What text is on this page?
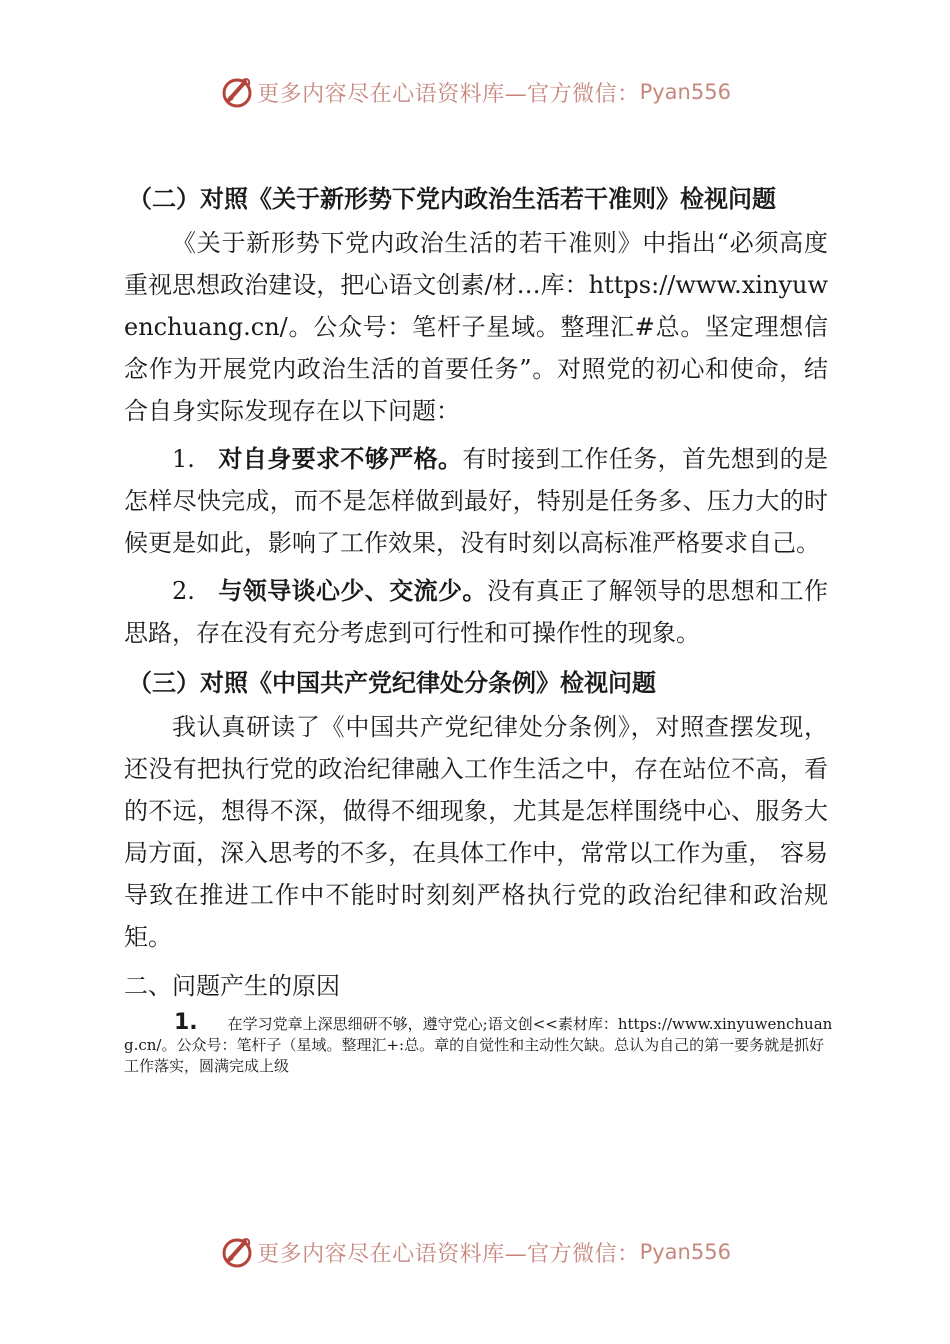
更多内容尽在心语资料库—官方微信： Pyan556
（二）对照《关于新形势下党内政治生活若干准则》检视问题

《关于新形势下党内政治生活的若干准则》中指出“必须高度重视思想政治建设，把心语文创素/材…库：https://www.xinyuwenchuang.cn/。公众号：笔杆子星域。整理汇#总。坚定理想信念作为开展党内政治生活的首要任务”。对照党的初心和使命，结合自身实际发现存在以下问题：

1. 对自身要求不够严格。有时接到工作任务，首先想到的是怎样尽快完成，而不是怎样做到最好，特别是任务多、压力大的时候更是如此，影响了工作效果，没有时刻以高标准严格要求自己。

2. 与领导谈心少、交流少。没有真正了解领导的思想和工作思路，存在没有充分考虑到可行性和可操作性的现象。

（三）对照《中国共产党纪律处分条例》检视问题

我认真研读了《中国共产党纪律处分条例》，对照查摆发现，还没有把执行党的政治纪律融入工作生活之中，存在站位不高，看的不远，想得不深，做得不细现象，尤其是怎样围绕中心、服务大局方面，深入思考的不多，在具体工作中，常常以工作为重， 容易导致在推进工作中不能时时刻刻严格执行党的政治纪律和政治规矩。

二、问题产生的原因
1. 在学习党章上深思细研不够，遵守党心;语文创<<素材库：https://www.xinyuwenchuang.cn/。公众号：笔杆子（星域。整理汇+:总。章的自觉性和主动性欠缺。总认为自己的第一要务就是抓好工作落实，圆满完成上级
更多内容尽在心语资料库—官方微信： Pyan556
